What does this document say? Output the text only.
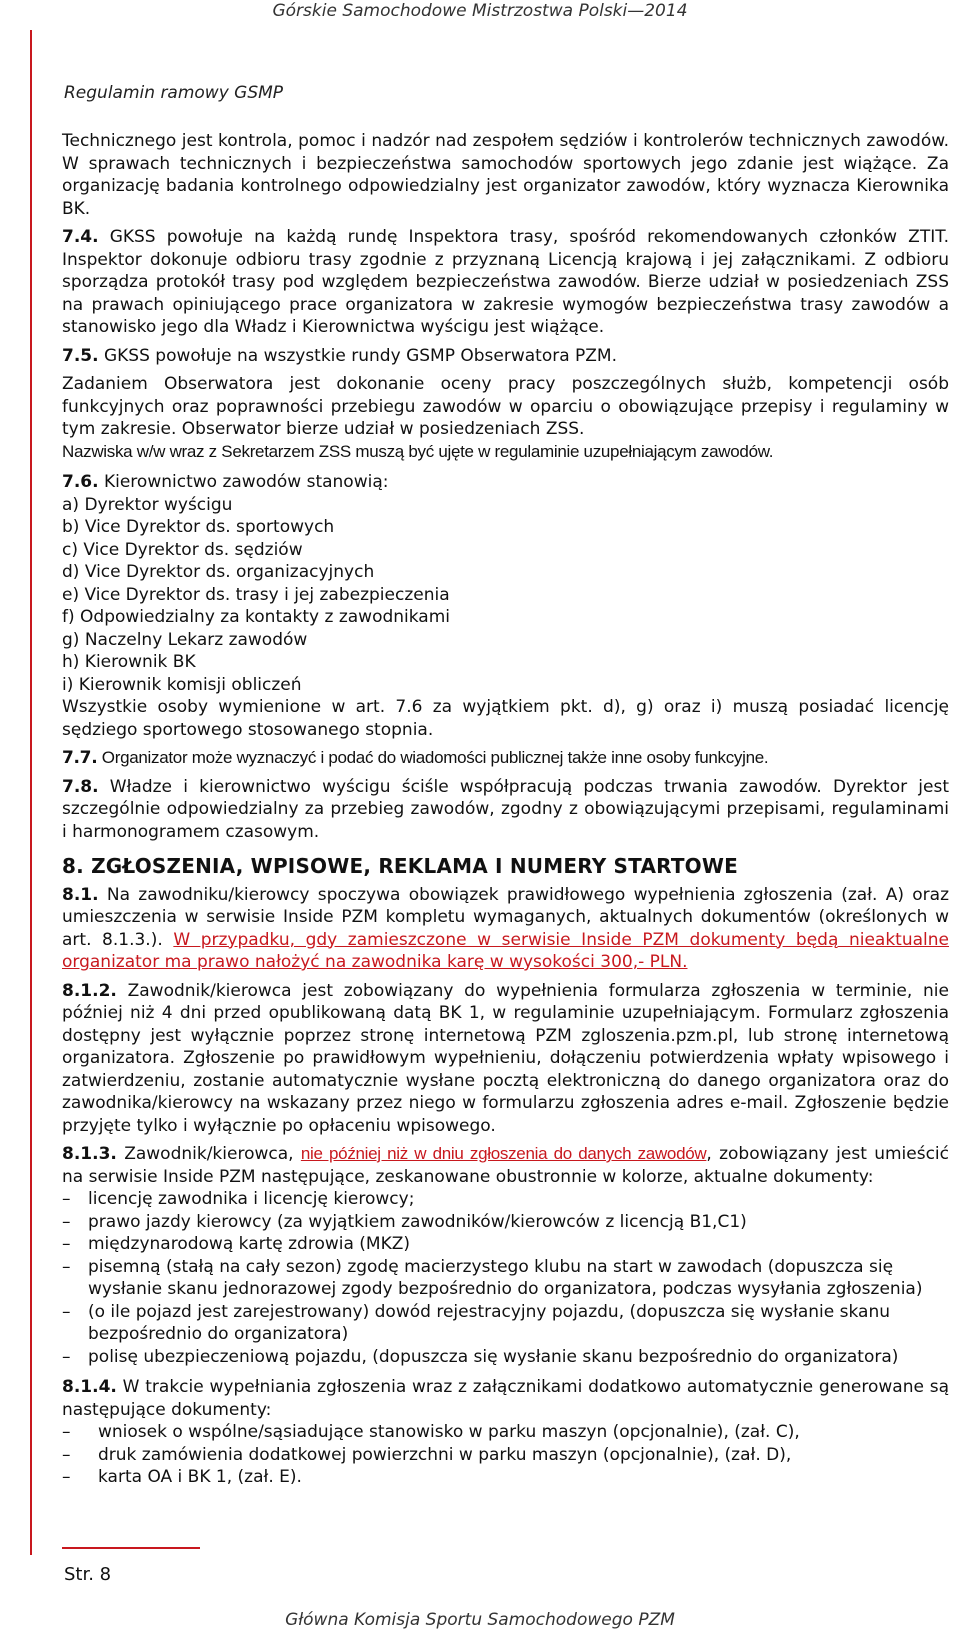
Górskie Samochodowe Mistrzostwa Polski—2014
Regulamin ramowy GSMP

Technicznego jest kontrola, pomoc i nadzór nad zespołem sędziów i kontrolerów technicznych zawodów. W sprawach technicznych i bezpieczeństwa samochodów sportowych jego zdanie jest wiążące. Za organizację badania kontrolnego odpowiedzialny jest organizator zawodów, który wyznacza Kierownika BK.

7.4. GKSS powołuje na każdą rundę Inspektora trasy, spośród rekomendowanych członków ZTIT. Inspektor dokonuje odbioru trasy zgodnie z przyznaną Licencją krajową i jej załącznikami. Z odbioru sporządza protokół trasy pod względem bezpieczeństwa zawodów. Bierze udział w posiedzeniach ZSS na prawach opiniującego prace organizatora w zakresie wymogów bezpieczeństwa trasy zawodów a stanowisko jego dla Władz i Kierownictwa wyścigu jest wiążące.

7.5. GKSS powołuje na wszystkie rundy GSMP Obserwatora PZM.

Zadaniem Obserwatora jest dokonanie oceny pracy poszczególnych służb, kompetencji osób funkcyjnych oraz poprawności przebiegu zawodów w oparciu o obowiązujące przepisy i regulaminy w tym zakresie. Obserwator bierze udział w posiedzeniach ZSS.

Nazwiska w/w wraz z Sekretarzem ZSS muszą być ujęte w regulaminie uzupełniającym zawodów.

7.6. Kierownictwo zawodów stanowią:

a) Dyrektor wyścigu
b) Vice Dyrektor ds. sportowych
c) Vice Dyrektor ds. sędziów
d) Vice Dyrektor ds. organizacyjnych
e) Vice Dyrektor ds. trasy i jej zabezpieczenia
f) Odpowiedzialny za kontakty z zawodnikami
g) Naczelny Lekarz zawodów
h) Kierownik BK
i) Kierownik komisji obliczeń

Wszystkie osoby wymienione w art. 7.6 za wyjątkiem pkt. d), g) oraz i) muszą posiadać licencję sędziego sportowego stosowanego stopnia.

7.7. Organizator może wyznaczyć i podać do wiadomości publicznej także inne osoby funkcyjne.

7.8. Władze i kierownictwo wyścigu ściśle współpracują podczas trwania zawodów. Dyrektor jest szczególnie odpowiedzialny za przebieg zawodów, zgodny z obowiązującymi przepisami, regulaminami i harmonogramem czasowym.

8. ZGŁOSZENIA, WPISOWE, REKLAMA I NUMERY STARTOWE

8.1. Na zawodniku/kierowcy spoczywa obowiązek prawidłowego wypełnienia zgłoszenia (zał. A) oraz umieszczenia w serwisie Inside PZM kompletu wymaganych, aktualnych dokumentów (określonych w art. 8.1.3.). W przypadku, gdy zamieszczone w serwisie Inside PZM dokumenty będą nieaktualne organizator ma prawo nałożyć na zawodnika karę w wysokości 300,- PLN.

8.1.2. Zawodnik/kierowca jest zobowiązany do wypełnienia formularza zgłoszenia w terminie, nie później niż 4 dni przed opublikowaną datą BK 1, w regulaminie uzupełniającym. Formularz zgłoszenia dostępny jest wyłącznie poprzez stronę internetową PZM zgloszenia.pzm.pl, lub stronę internetową organizatora. Zgłoszenie po prawidłowym wypełnieniu, dołączeniu potwierdzenia wpłaty wpisowego i zatwierdzeniu, zostanie automatycznie wysłane pocztą elektroniczną do danego organizatora oraz do zawodnika/kierowcy na wskazany przez niego w formularzu zgłoszenia adres e-mail. Zgłoszenie będzie przyjęte tylko i wyłącznie po opłaceniu wpisowego.

8.1.3. Zawodnik/kierowca, nie później niż w dniu zgłoszenia do danych zawodów, zobowiązany jest umieścić na serwisie Inside PZM następujące, zeskanowane obustronnie w kolorze, aktualne dokumenty:

– licencję zawodnika i licencję kierowcy;
– prawo jazdy kierowcy (za wyjątkiem zawodników/kierowców z licencją B1,C1)
– międzynarodową kartę zdrowia (MKZ)
– pisemną (stałą na cały sezon) zgodę macierzystego klubu na start w zawodach (dopuszcza się wysłanie skanu jednorazowej zgody bezpośrednio do organizatora, podczas wysyłania zgłoszenia)
– (o ile pojazd jest zarejestrowany) dowód rejestracyjny pojazdu, (dopuszcza się wysłanie skanu bezpośrednio do organizatora)
– polisę ubezpieczeniową pojazdu, (dopuszcza się wysłanie skanu bezpośrednio do organizatora)

8.1.4. W trakcie wypełniania zgłoszenia wraz z załącznikami dodatkowo automatycznie generowane są następujące dokumenty:

– wniosek o wspólne/sąsiadujące stanowisko w parku maszyn (opcjonalnie), (zał. C),
– druk zamówienia dodatkowej powierzchni w parku maszyn (opcjonalnie), (zał. D),
– karta OA i BK 1, (zał. E).
Str. 8
Główna Komisja Sportu Samochodowego PZM
